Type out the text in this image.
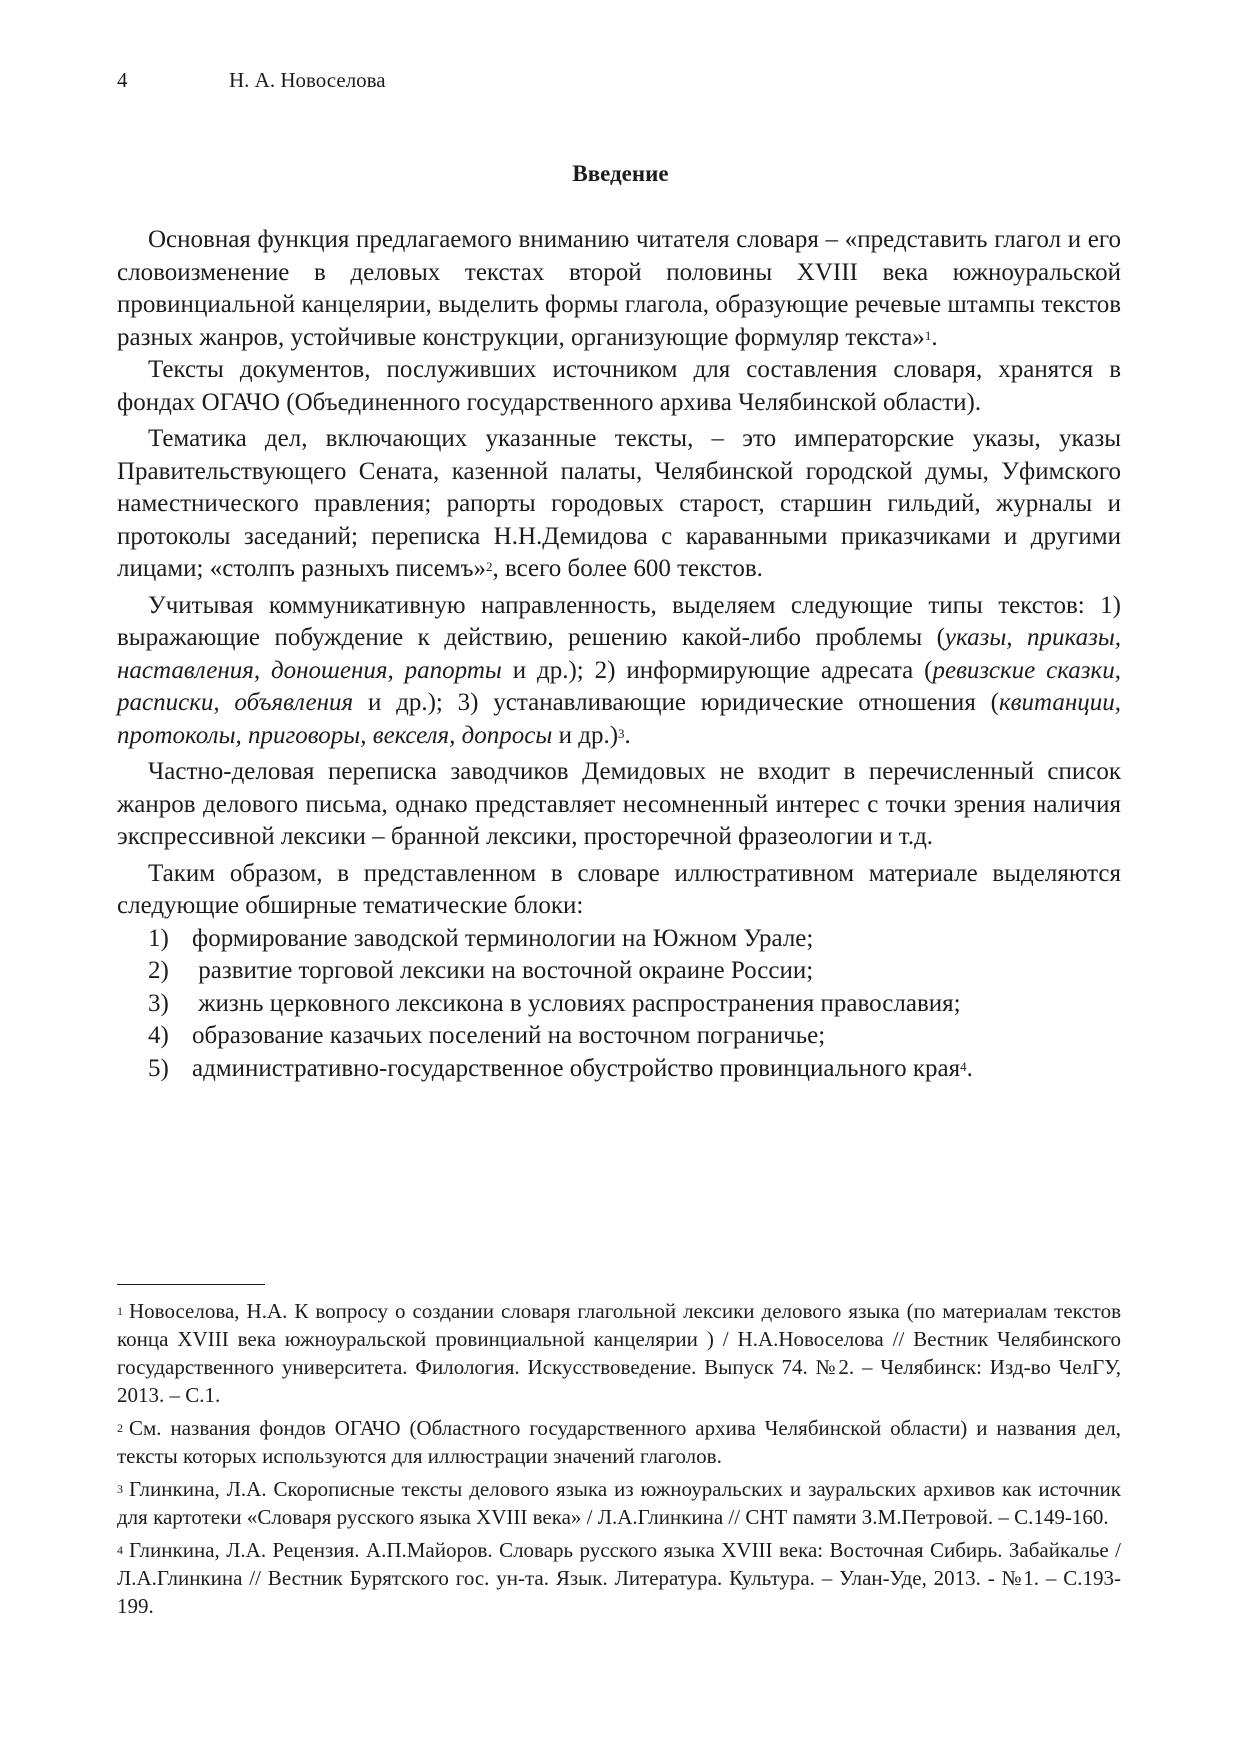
4	Н. А. Новоселова
Введение

Основная функция предлагаемого вниманию читателя словаря – «представить глагол и его словоизменение в деловых текстах второй половины XVIII века южноуральской провинциальной канцелярии, выделить формы глагола, образующие речевые штампы текстов разных жанров, устойчивые конструкции, организующие формуляр текста»$^1$.

Тексты документов, послуживших источником для составления словаря, хранятся в фондах ОГАЧО (Объединенного государственного архива Челябинской области).

Тематика дел, включающих указанные тексты, – это императорские указы, указы Правительствующего Сената, казенной палаты, Челябинской городской думы, Уфимского наместнического правления; рапорты городовых старост, старшин гильдий, журналы и протоколы заседаний; переписка Н.Н.Демидова с караванными приказчиками и другими лицами; «столпъ разныхъ писемъ»$^2$, всего более 600 текстов.

Учитывая коммуникативную направленность, выделяем следующие типы текстов: 1) выражающие побуждение к действию, решению какой-либо проблемы (указы, приказы, наставления, доношения, рапорты и др.); 2) информирующие адресата (ревизские сказки, расписки, объявления и др.); 3) устанавливающие юридические отношения (квитанции, протоколы, приговоры, векселя, допросы и др.)$^3$.

Частно-деловая переписка заводчиков Демидовых не входит в перечисленный список жанров делового письма, однако представляет несомненный интерес с точки зрения наличия экспрессивной лексики – бранной лексики, просторечной фразеологии и т.д.

Таким образом, в представленном в словаре иллюстративном материале выделяются следующие обширные тематические блоки:

1) формирование заводской терминологии на Южном Урале;
2) развитие торговой лексики на восточной окраине России;
3) жизнь церковного лексикона в условиях распространения православия;
4) образование казачьих поселений на восточном пограничье;
5) административно-государственное обустройство провинциального края$^4$.

$^1$ Новоселова, Н.А. К вопросу о создании словаря глагольной лексики делового языка (по материалам текстов конца XVIII века южноуральской провинциальной канцелярии ) / Н.А.Новоселова // Вестник Челябинского государственного университета. Филология. Искусствоведение. Выпуск 74. №2. – Челябинск: Изд-во ЧелГУ, 2013. – С.1.

$^2$ См. названия фондов ОГАЧО (Областного государственного архива Челябинской области) и названия дел, тексты которых используются для иллюстрации значений глаголов.

$^3$ Глинкина, Л.А. Скорописные тексты делового языка из южноуральских и зауральских архивов как источник для картотеки «Словаря русского языка XVIII века» / Л.А.Глинкина // СНТ памяти З.М.Петровой. – С.149-160.

$^4$ Глинкина, Л.А. Рецензия. А.П.Майоров. Словарь русского языка XVIII века: Восточная Сибирь. Забайкалье / Л.А.Глинкина // Вестник Бурятского гос. ун-та. Язык. Литература. Культура. – Улан-Уде, 2013. - №1. – С.193-199.
